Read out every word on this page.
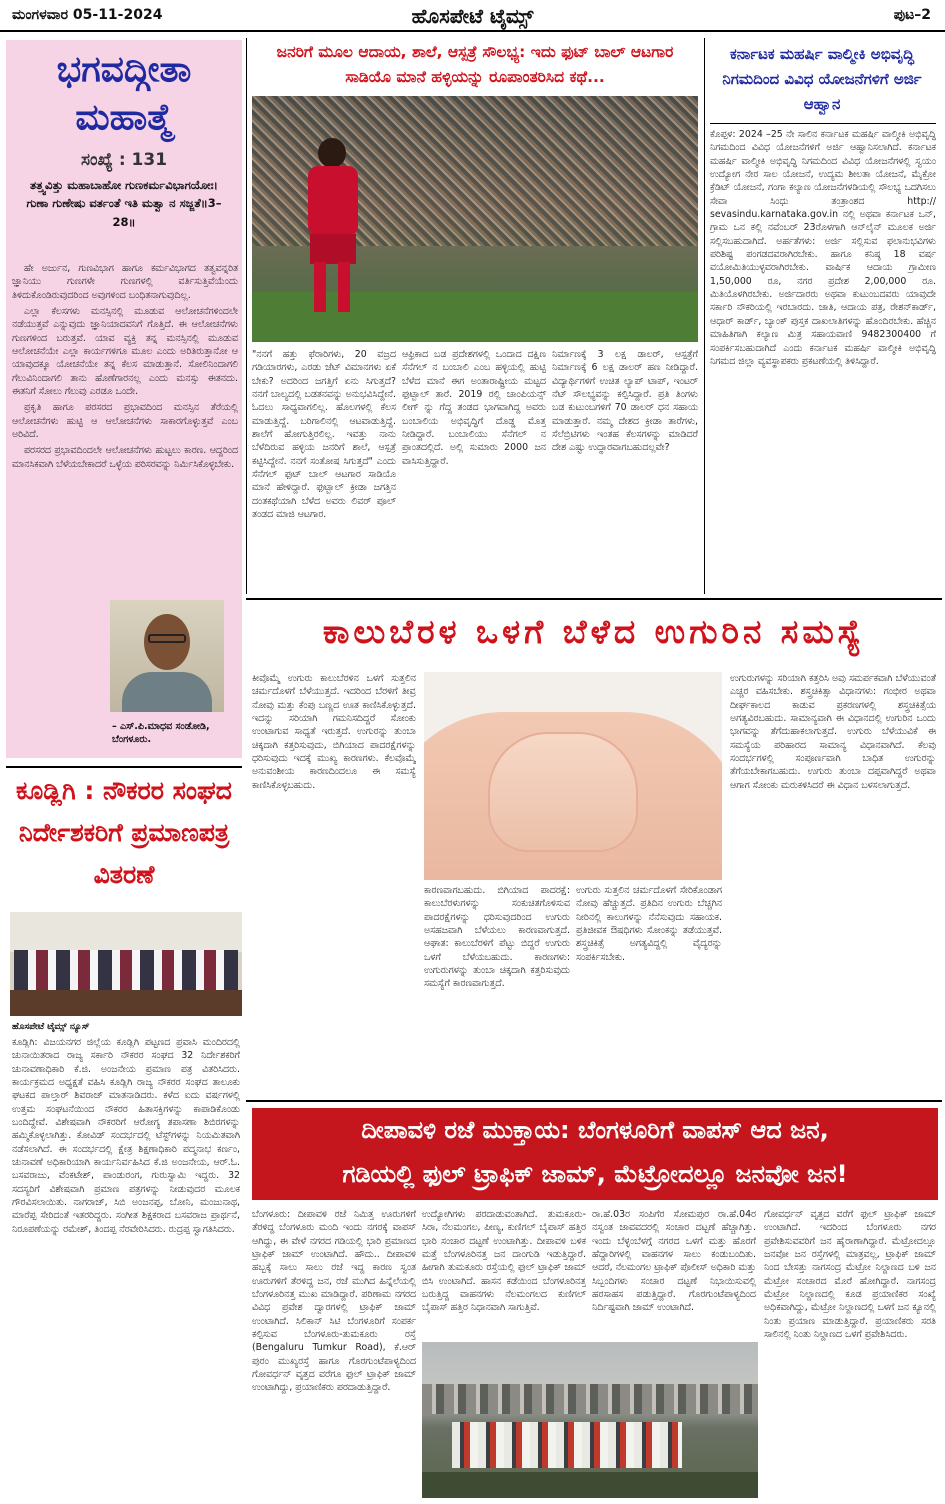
ಮಂಗಳವಾರ 05-11-2024	ಹೊಸಪೇಟೆ ಟೈಮ್ಸ್	ಪುಟ–2
ಭಗವದ್ಗೀತಾ ಮಹಾತ್ಮೆ
ಸಂಖ್ಯೆ : 131
ತತ್ತ್ವವಿತ್ತು ಮಹಾಬಾಹೋ ಗುಣಕರ್ಮವಿಭಾಗಯೋಃ। ಗುಣಾ ಗುಣೇಷು ವರ್ತಂತೆ ಇತಿ ಮತ್ವಾ ನ ಸಜ್ಜತೆ॥3–28॥

ಹೇ ಅರ್ಜುನ, ಗುಣವಿಭಾಗ ಹಾಗೂ ಕರ್ಮವಿಭಾಗದ ತತ್ವವನ್ನರಿತ ಜ್ಞಾನಿಯು ಗುಣಗಳೇ ಗುಣಗಳಲ್ಲಿ ವರ್ತಿಸುತ್ತಿವೆಯೆಂದು ತಿಳಿದುಕೊಂಡಿರುವುದರಿಂದ ಅವುಗಳಿಂದ ಬಂಧಿತನಾಗುವುದಿಲ್ಲ.

ಎಲ್ಲಾ ಕೆಲಸಗಳು ಮನಸ್ಸಿನಲ್ಲಿ ಮೂಡುವ ಆಲೋಚನೆಗಳಿಂದಲೇ ನಡೆಯುತ್ತವೆ ಎನ್ನುವುದು ಜ್ಞಾನಿಯಾದವನಿಗೆ ಗೊತ್ತಿದೆ. ಈ ಆಲೋಚನೆಗಳು ಗುಣಗಳಿಂದ ಬರುತ್ತವೆ. ಯಾವ ವ್ಯಕ್ತಿ ತನ್ನ ಮನಸ್ಸಿನಲ್ಲಿ ಮೂಡುವ ಆಲೋಚನೆಯೇ ಎಲ್ಲಾ ಕಾರ್ಯಗಳಿಗೂ ಮೂಲ ಎಂದು ಅರಿತಿರುತ್ತಾನೋ ಆ ಯಾವುದಕ್ಕೂ ಯೋಚನೆಯೇ ತನ್ನ ಕೆಲಸ ಮಾಡುತ್ತಾನೆ. ಸೋಲಿನಿಂದಾಗಲಿ ಗೆಲುವಿನಿಂದಾಗಲಿ ತಾನು ಹೊಣೆಗಾರನಲ್ಲ ಎಂದು ಮನಸ್ಸು ಈತನದು. ಈತನಿಗೆ ಸೋಲು ಗೆಲುವು ಎರಡೂ ಒಂದೇ.

ಪ್ರಕೃತಿ ಹಾಗೂ ಪರಸರದ ಪ್ರಭಾವದಿಂದ ಮನಸ್ಸಿನ ತೆರೆಯಲ್ಲಿ ಆಲೋಚನೆಗಳು ಹುಟ್ಟಿ ಆ ಆಲೋಚನೆಗಳು ಸಾಕಾರಗೊಳ್ಳುತ್ತವೆ ಎಂಬ ಅರಿವಿದೆ.

ಪರಸರದ ಪ್ರಭಾವದಿಂದಲೇ ಆಲೋಚನೆಗಳು ಹುಟ್ಟಲು ಕಾರಣ. ಆದ್ದರಿಂದ ಮಾನಸಿಕವಾಗಿ ಬೆಳೆಯಬೇಕಾದರೆ ಒಳ್ಳೆಯ ಪರಿಸರವನ್ನು ನಿರ್ಮಿಸಿಕೊಳ್ಳಬೇಕು.

– ಎಸ್.ಪಿ.ಮಾಧವ ಸಂಡೋಡಿ, ಬೆಂಗಳೂರು.
ಕೂಡ್ಲಿಗಿ : ನೌಕರರ ಸಂಘದ ನಿರ್ದೇಶಕರಿಗೆ ಪ್ರಮಾಣಪತ್ರ ವಿತರಣೆ
ಹೊಸಪೇಟೆ ಟೈಮ್ಸ್ ನ್ಯೂಸ್
ಕೂಡ್ಲಿಗಿ: ವಿಜಯನಗರ ಜಿಲ್ಲೆಯ ಕೂಡ್ಲಿಗಿ ಪಟ್ಟಣದ ಪ್ರವಾಸಿ ಮಂದಿರದಲ್ಲಿ ಚುನಾಯಿತರಾದ ರಾಜ್ಯ ಸರ್ಕಾರಿ ನೌಕರರ ಸಂಘದ 32 ನಿರ್ದೇಶಕರಿಗೆ ಚುನಾವಣಾಧಿಕಾರಿ ಕೆ.ಜಿ. ಅಂಜನೇಯ ಪ್ರಮಾಣ ಪತ್ರ ವಿತರಿಸಿದರು. ಕಾರ್ಯಕ್ರಮದ ಅಧ್ಯಕ್ಷತೆ ವಹಿಸಿ ಕೂಡ್ಲಿಗಿ ರಾಜ್ಯ ನೌಕರರ ಸಂಘದ ತಾಲೂಕು ಘಟಕದ ಪಾಲ್ತಾರ್ ಶಿವರಾಜ್ ಮಾತನಾಡಿದರು. ಕಳೆದ ಐದು ವರ್ಷಗಳಲ್ಲಿ ಉತ್ತಮ ಸಂಘಟನೆಯಿಂದ ನೌಕರರ ಹಿತಾಸಕ್ತಿಗಳನ್ನು ಕಾಪಾಡಿಕೊಂಡು ಬಂದಿದ್ದೇವೆ. ವಿಶೇಷವಾಗಿ ನೌಕರರಿಗೆ ಆರೋಗ್ಯ ತಪಾಸಣಾ ಶಿಬಿರಗಳನ್ನು ಹಮ್ಮಿಕೊಳ್ಳಲಾಗಿತ್ತು. ಕೋವಿಡ್ ಸಂದರ್ಭದಲ್ಲಿ ಟೆಸ್ಟ್‌ಗಳನ್ನು ನಿಯಮಿತವಾಗಿ ನಡೆಸಲಾಗಿದೆ. ಈ ಸಂದರ್ಭದಲ್ಲಿ ಕ್ಷೇತ್ರ ಶಿಕ್ಷಣಾಧಿಕಾರಿ ಪದ್ಮನಾಭ ಕರ್ಣಂ, ಚುನಾವಣೆ ಅಧಿಕಾರಿಯಾಗಿ ಕಾರ್ಯನಿರ್ವಹಿಸಿದ ಕೆ.ಜಿ ಅಂಜನೇಯ, ಆರ್.ಓ. ಬಸವರಾಜು, ವೆಂಕಟೇಶ್, ಪಾಂಡುರಂಗ, ಗುರುಸ್ವಾಮಿ ಇದ್ದರು. 32 ಸದಸ್ಯರಿಗೆ ವಿಶೇಷವಾಗಿ ಪ್ರಮಾಣ ಪತ್ರಗಳನ್ನು ನೀಡುವುದರ ಮೂಲಕ ಗೌರವಿಸಲಾಯಿತು. ನಾಗರಾಜ್, ಸಿಬಿ ಅಂಜನಪ್ಪ, ಬೋನಿ, ಮಂಜುನಾಥ, ಮಾರೆಪ್ಪ ಸೇರಿದಂತೆ ಇತರರಿದ್ದರು. ಸಂಗೀತ ಶಿಕ್ಷಕರಾದ ಬಸವರಾಜ ಪ್ರಾರ್ಥನೆ, ನಿರೂಪಣೆಯನ್ನು ರಮೇಶ್, ತಿಂದಪ್ಪ ನೆರವೇರಿಸಿದರು. ರುದ್ರಪ್ಪ ಸ್ವಾಗತಿಸಿದರು.
ಜನರಿಗೆ ಮೂಲ ಆದಾಯ, ಶಾಲೆ, ಆಸ್ಪತ್ರೆ ಸೌಲಭ್ಯ: ಇದು ಫುಟ್ ಬಾಲ್ ಆಟಗಾರ ಸಾಡಿಯೊ ಮಾನೆ ಹಳ್ಳಿಯನ್ನು ರೂಪಾಂತರಿಸಿದ ಕಥೆ...
"ನನಗೆ ಹತ್ತು ಫೆರಾರಿಗಳು, 20 ವಜ್ರದ ಗಡಿಯಾರಗಳು, ಎರಡು ಜೆಟ್ ವಿಮಾನಗಳು ಏಕೆ ಬೇಕು? ಅದರಿಂದ ಜಗತ್ತಿಗೆ ಏನು ಸಿಗುತ್ತದೆ? ನನಗೆ ಬಾಲ್ಯದಲ್ಲಿ ಬಡತನವನ್ನು ಅನುಭವಿಸಿದ್ದೇನೆ. ಓದಲು ಸಾಧ್ಯವಾಗಲಿಲ್ಲ. ಹೊಲಗಳಲ್ಲಿ ಕೆಲಸ ಮಾಡುತ್ತಿದ್ದೆ. ಬರಿಗಾಲಿನಲ್ಲಿ ಆಟವಾಡುತ್ತಿದ್ದೆ. ಶಾಲೆಗೆ ಹೋಗುತ್ತಿರಲಿಲ್ಲ. ಇವತ್ತು ನಾನು ಬೆಳೆದಿರುವ ಹಳ್ಳಿಯ ಜನರಿಗೆ ಶಾಲೆ, ಆಸ್ಪತ್ರೆ ಕಟ್ಟಿಸಿದ್ದೇನೆ. ನನಗೆ ಸಂತೋಷ ಸಿಗುತ್ತದೆ" ಎಂದು ಸೆನೆಗಲ್ ಫುಟ್ ಬಾಲ್ ಆಟಗಾರ ಸಾಡಿಯೊ ಮಾನೆ ಹೇಳಿದ್ದಾರೆ. ಫುಟ್ಬಾಲ್ ಕ್ರೀಡಾ ಜಗತ್ತಿನ ದಂತಕಥೆಯಾಗಿ ಬೆಳೆದ ಅವರು ಲಿವರ್ ಪೂಲ್ ತಂಡದ ಮಾಜಿ ಆಟಗಾರ.
ಆಫ್ರಿಕಾದ ಬಡ ಪ್ರದೇಶಗಳಲ್ಲಿ ಒಂದಾದ ದಕ್ಷಿಣ ಸೆನೆಗಲ್ ನ ಬಂಬಾಲಿ ಎಂಬ ಹಳ್ಳಿಯಲ್ಲಿ ಹುಟ್ಟಿ ಬೆಳೆದ ಮಾನೆ ಈಗ ಅಂತಾರಾಷ್ಟ್ರೀಯ ಮಟ್ಟದ ಫುಟ್ಬಾಲ್ ತಾರೆ. 2019 ರಲ್ಲಿ ಚಾಂಪಿಯನ್ಸ್ ಲೀಗ್ ನ್ನು ಗೆದ್ದ ತಂಡದ ಭಾಗವಾಗಿದ್ದ ಅವರು ಬಂಬಾಲಿಯ ಅಭಿವೃದ್ಧಿಗೆ ದೊಡ್ಡ ಮೊತ್ತ ನೀಡಿದ್ದಾರೆ. ಬಂಬಾಲಿಯು ಸೆನೆಗಲ್ ನ ಪ್ರಾಂತದಲ್ಲಿದೆ. ಅಲ್ಲಿ ಸುಮಾರು 2000 ಜನ ವಾಸಿಸುತ್ತಿದ್ದಾರೆ.
ನಿರ್ಮಾಣಕ್ಕೆ 3 ಲಕ್ಷ ಡಾಲರ್, ಆಸ್ಪತ್ರೆಗೆ ನಿರ್ಮಾಣಕ್ಕೆ 6 ಲಕ್ಷ ಡಾಲರ್ ಹಣ ನೀಡಿದ್ದಾರೆ. ವಿದ್ಯಾರ್ಥಿಗಳಿಗೆ ಉಚಿತ ಲ್ಯಾಪ್ ಟಾಪ್, ಇಂಟರ್ ನೆಟ್ ಸೌಲಭ್ಯವನ್ನು ಕಲ್ಪಿಸಿದ್ದಾರೆ. ಪ್ರತಿ ತಿಂಗಳು ಬಡ ಕುಟುಂಬಗಳಿಗೆ 70 ಡಾಲರ್ ಧನ ಸಹಾಯ ಮಾಡುತ್ತಾರೆ. ನಮ್ಮ ದೇಶದ ಕ್ರೀಡಾ ತಾರೆಗಳು, ಸೆಲೆಬ್ರಿಟಿಗಳು ಇಂತಹ ಕೆಲಸಗಳನ್ನು ಮಾಡಿದರೆ ದೇಶ ಎಷ್ಟು ಉದ್ಧಾರವಾಗಬಹುದಲ್ಲವೇ?
ಕರ್ನಾಟಕ ಮಹರ್ಷಿ ವಾಲ್ಮೀಕಿ ಅಭಿವೃದ್ಧಿ ನಿಗಮದಿಂದ ವಿವಿಧ ಯೋಜನೆಗಳಿಗೆ ಅರ್ಜಿ ಆಹ್ವಾನ
ಕೊಪ್ಪಳ: 2024 –25 ನೇ ಸಾಲಿನ ಕರ್ನಾಟಕ ಮಹರ್ಷಿ ವಾಲ್ಮೀಕಿ ಅಭಿವೃದ್ಧಿ ನಿಗಮದಿಂದ ವಿವಿಧ ಯೋಜನೆಗಳಿಗೆ ಅರ್ಜಿ ಆಹ್ವಾನಿಸಲಾಗಿದೆ. ಕರ್ನಾಟಕ ಮಹರ್ಷಿ ವಾಲ್ಮೀಕಿ ಅಭಿವೃದ್ಧಿ ನಿಗಮದಿಂದ ವಿವಿಧ ಯೋಜನೆಗಳಲ್ಲಿ ಸ್ವಯಂ ಉದ್ಯೋಗ ನೇರ ಸಾಲ ಯೋಜನೆ, ಉದ್ಯಮ ಶೀಲತಾ ಯೋಜನೆ, ಮೈಕ್ರೋ ಕ್ರೆಡಿಟ್ ಯೋಜನೆ, ಗಂಗಾ ಕಲ್ಯಾಣ ಯೋಜನೆಗಳಡಿಯಲ್ಲಿ ಸೌಲಭ್ಯ ಒದಗಿಸಲು ಸೇವಾ ಸಿಂಧು ತಂತ್ರಾಂಶದ http:// sevasindu.karnataka.gov.in ನಲ್ಲಿ ಅಥವಾ ಕರ್ನಾಟಕ ಒನ್, ಗ್ರಾಮ ಒನ ಕಲ್ಲಿ ನವೆಂಬರ್ 23ರೊಳಗಾಗಿ ಆನ್‌ಲೈನ್ ಮೂಲಕ ಅರ್ಜಿ ಸಲ್ಲಿಸಬಹುದಾಗಿದೆ. ಅರ್ಹತೆಗಳು: ಅರ್ಜಿ ಸಲ್ಲಿಸುವ ಫಲಾನುಭವಿಗಳು ಪರಿಶಿಷ್ಟ ಪಂಗಡದವರಾಗಿರಬೇಕು. ಹಾಗೂ ಕನಿಷ್ಠ 18 ವರ್ಷ ವಯೋಮಿತಿಯುಳ್ಳವರಾಗಿರಬೇಕು. ವಾರ್ಷಿಕ ಆದಾಯ ಗ್ರಾಮೀಣ 1,50,000 ರೂ, ನಗರ ಪ್ರದೇಶ 2,00,000 ರೂ. ಮಿತಿಯೊಳಗಿರಬೇಕು. ಅರ್ಜಿದಾರರು ಅಥವಾ ಕುಟುಂಬದವರು ಯಾವುದೇ ಸರ್ಕಾರಿ ನೌಕರಿಯಲ್ಲಿ ಇರಬಾರದು. ಜಾತಿ, ಆದಾಯ ಪತ್ರ, ರೇಶನ್‌ಕಾರ್ಡ್, ಆಧಾರ್ ಕಾರ್ಡ್, ಬ್ಯಾಂಕ್ ಪುಸ್ತಕ ದಾಖಲಾತಿಗಳನ್ನು ಹೊಂದಿರಬೇಕು. ಹೆಚ್ಚಿನ ಮಾಹಿತಿಗಾಗಿ ಕಲ್ಯಾಣ ಮಿತ್ರ ಸಹಾಯವಾಣಿ 9482300400 ಗೆ ಸಂಪರ್ಕಿಸಬಹುದಾಗಿದೆ ಎಂದು ಕರ್ನಾಟಕ ಮಹರ್ಷಿ ವಾಲ್ಮೀಕಿ ಅಭಿವೃದ್ಧಿ ನಿಗಮದ ಜಿಲ್ಲಾ ವ್ಯವಸ್ಥಾಪಕರು ಪ್ರಕಟಣೆಯಲ್ಲಿ ತಿಳಿಸಿದ್ದಾರೆ.
ಕಾಲುಬೆರಳ ಒಳಗೆ ಬೆಳೆದ ಉಗುರಿನ ಸಮಸ್ಯೆ
ಕೀವೊಮ್ಮೆ ಉಗುರು ಕಾಲುಬೆರಳಿನ ಒಳಗೆ ಸುತ್ತಲಿನ ಚರ್ಮದೊಳಗೆ ಬೆಳೆಯುತ್ತದೆ. ಇದರಿಂದ ಬೆರಳಿಗೆ ತೀವ್ರ ನೋವು ಮತ್ತು ಕೆಂಪು ಬಣ್ಣದ ಊತ ಕಾಣಿಸಿಕೊಳ್ಳುತ್ತದೆ. ಇದನ್ನು ಸರಿಯಾಗಿ ಗಮನಿಸದಿದ್ದರೆ ಸೋಂಕು ಉಂಟಾಗುವ ಸಾಧ್ಯತೆ ಇರುತ್ತದೆ. ಉಗುರನ್ನು ತುಂಬಾ ಚಿಕ್ಕದಾಗಿ ಕತ್ತರಿಸುವುದು, ಬಿಗಿಯಾದ ಪಾದರಕ್ಷೆಗಳನ್ನು ಧರಿಸುವುದು ಇದಕ್ಕೆ ಮುಖ್ಯ ಕಾರಣಗಳು. ಕೆಲವೊಮ್ಮೆ ಅನುವಂಶೀಯ ಕಾರಣದಿಂದಲೂ ಈ ಸಮಸ್ಯೆ ಕಾಣಿಸಿಕೊಳ್ಳಬಹುದು.
ಕಾರಣವಾಗಬಹುದು. ಬಿಗಿಯಾದ ಪಾದರಕ್ಷೆ: ಕಾಲುಬೆರಳುಗಳನ್ನು ಸಂಕುಚಿತಗೊಳಿಸುವ ಪಾದರಕ್ಷೆಗಳನ್ನು ಧರಿಸುವುದರಿಂದ ಉಗುರು ಅಸಹಜವಾಗಿ ಬೆಳೆಯಲು ಕಾರಣವಾಗುತ್ತದೆ. ಆಘಾತ: ಕಾಲುಬೆರಳಿಗೆ ಪೆಟ್ಟು ಬಿದ್ದರೆ ಉಗುರು ಒಳಗೆ ಬೆಳೆಯಬಹುದು. ಕಾರಣಗಳು: ಉಗುರುಗಳನ್ನು ತುಂಬಾ ಚಿಕ್ಕದಾಗಿ ಕತ್ತರಿಸುವುದು ಸಮಸ್ಯೆಗೆ ಕಾರಣವಾಗುತ್ತದೆ.
ಉಗುರು ಸುತ್ತಲಿನ ಚರ್ಮದೊಳಗೆ ಸೇರಿಕೊಂಡಾಗ ನೋವು ಹೆಚ್ಚುತ್ತದೆ. ಪ್ರತಿದಿನ ಉಗುರು ಬೆಚ್ಚಗಿನ ನೀರಿನಲ್ಲಿ ಕಾಲುಗಳನ್ನು ನೆನೆಸುವುದು ಸಹಾಯಕ. ಪ್ರತಿಜೀವಕ ಔಷಧಿಗಳು ಸೋಂಕನ್ನು ತಡೆಯುತ್ತವೆ. ಶಸ್ತ್ರಚಿಕಿತ್ಸೆ ಅಗತ್ಯವಿದ್ದಲ್ಲಿ ವೈದ್ಯರನ್ನು ಸಂಪರ್ಕಿಸಬೇಕು.
ಉಗುರುಗಳನ್ನು ಸರಿಯಾಗಿ ಕತ್ತರಿಸಿ ಅವು ಸಮರ್ಪಕವಾಗಿ ಬೆಳೆಯುವಂತೆ ಎಚ್ಚರ ವಹಿಸಬೇಕು. ಶಸ್ತ್ರಚಿಕಿತ್ಸಾ ವಿಧಾನಗಳು: ಗಂಭೀರ ಅಥವಾ ದೀರ್ಘಕಾಲದ ಕಾಡುವ ಪ್ರಕರಣಗಳಲ್ಲಿ ಶಸ್ತ್ರಚಿಕಿತ್ಸೆಯ ಅಗತ್ಯವಿರಬಹುದು. ಸಾಮಾನ್ಯವಾಗಿ ಈ ವಿಧಾನದಲ್ಲಿ ಉಗುರಿನ ಒಂದು ಭಾಗವನ್ನು ತೆಗೆದುಹಾಕಲಾಗುತ್ತದೆ. ಉಗುರು ಬೆಳೆಯುವಿಕೆ ಈ ಸಮಸ್ಯೆಯ ಪರಿಹಾರದ ಸಾಮಾನ್ಯ ವಿಧಾನವಾಗಿದೆ. ಕೆಲವು ಸಂದರ್ಭಗಳಲ್ಲಿ ಸಂಪೂರ್ಣವಾಗಿ ಬಾಧಿತ ಉಗುರನ್ನು ತೆಗೆಯಬೇಕಾಗಬಹುದು. ಉಗುರು ತುಂಬಾ ದಪ್ಪವಾಗಿದ್ದರೆ ಅಥವಾ ಆಗಾಗ ಸೋಂಕು ಮರುಕಳಿಸಿದರೆ ಈ ವಿಧಾನ ಬಳಸಲಾಗುತ್ತದೆ.
ದೀಪಾವಳಿ ರಜೆ ಮುಕ್ತಾಯ: ಬೆಂಗಳೂರಿಗೆ ವಾಪಸ್ ಆದ ಜನ,
ಗಡಿಯಲ್ಲಿ ಫುಲ್ ಟ್ರಾಫಿಕ್ ಜಾಮ್, ಮೆಟ್ರೋದಲ್ಲೂ ಜನವೋ ಜನ!
ಬೆಂಗಳೂರು: ದೀಪಾವಳಿ ರಜೆ ನಿಮಿತ್ತ ಊರುಗಳಿಗೆ ತೆರಳಿದ್ದ ಬೆಂಗಳೂರು ಮಂದಿ ಇಂದು ನಗರಕ್ಕೆ ವಾಪಸ್ ಆಗಿದ್ದು, ಈ ವೇಳೆ ನಗರದ ಗಡಿಯಲ್ಲಿ ಭಾರಿ ಪ್ರಮಾಣದ ಟ್ರಾಫಿಕ್ ಜಾಮ್ ಉಂಟಾಗಿದೆ. ಹೌದು.. ದೀಪಾವಳಿ ಹಬ್ಬಕ್ಕೆ ಸಾಲು ಸಾಲು ರಜೆ ಇದ್ದ ಕಾರಣ ಸ್ವಂತ ಊರುಗಳಿಗೆ ತೆರಳಿದ್ದ ಜನ, ರಜೆ ಮುಗಿದ ಹಿನ್ನೆಲೆಯಲ್ಲಿ ಬೆಂಗಳೂರಿನತ್ತ ಮುಖ ಮಾಡಿದ್ದಾರೆ. ಪರಿಣಾಮ ನಗರದ ವಿವಿಧ ಪ್ರವೇಶ ದ್ವಾರಗಳಲ್ಲಿ ಟ್ರಾಫಿಕ್ ಜಾಮ್ ಉಂಟಾಗಿದೆ. ಸಿಲಿಕಾನ್ ಸಿಟಿ ಬೆಂಗಳೂರಿಗೆ ಸಂಪರ್ಕ ಕಲ್ಪಿಸುವ ಬೆಂಗಳೂರು-ತುಮಕೂರು ರಸ್ತೆ (Bengaluru Tumkur Road), ಕೆ.ಆರ್ ಪುರಂ ಮುಖ್ಯರಸ್ತೆ ಹಾಗೂ ಗೊರಗುಂಟೆಪಾಳ್ಯದಿಂದ ಗೋವರ್ಧನ್ ವೃತ್ತದ ವರೆಗೂ ಫುಲ್ ಟ್ರಾಫಿಕ್ ಜಾಮ್ ಉಂಟಾಗಿದ್ದು, ಪ್ರಯಾಣಿಕರು ಪರದಾಡುತ್ತಿದ್ದಾರೆ.
ಉದ್ಯೋಗಿಗಳು ಪರದಾಡುವಂತಾಗಿದೆ. ತುಮಕೂರು-ಸಿರಾ, ನೆಲಮಂಗಲ, ಪೀಣ್ಯ, ಕುಣಿಗಲ್ ಬೈಪಾಸ್ ಹತ್ತಿರ ಭಾರಿ ಸಂಚಾರ ದಟ್ಟಣೆ ಉಂಟಾಗಿತ್ತು. ದೀಪಾವಳಿ ಬಳಿಕ ಮತ್ತೆ ಬೆಂಗಳೂರಿನತ್ತ ಜನ ದಾಂಗುಡಿ ಇಡುತ್ತಿದ್ದಾರೆ. ಹೀಗಾಗಿ ತುಮಕೂರು ರಸ್ತೆಯಲ್ಲಿ ಫುಲ್ ಟ್ರಾಫಿಕ್ ಜಾಮ್ ಬಿಸಿ ಉಂಟಾಗಿದೆ. ಹಾಸನ ಕಡೆಯಿಂದ ಬೆಂಗಳೂರಿನತ್ತ ಬರುತ್ತಿದ್ದ ವಾಹನಗಳು ನೆಲಮಂಗಲದ ಕುಣಿಗಲ್ ಬೈಪಾಸ್ ಹತ್ತಿರ ನಿಧಾನವಾಗಿ ಸಾಗುತ್ತಿವೆ.
ರಾ.ಹೆ.03ರ ಸಂಪಿಗೆರ ಸೋಮಪುರ ರಾ.ಹೆ.04ರ ನಸ್ವಂತ ಜಾವವದರಲ್ಲಿ ಸಂಚಾರ ದಟ್ಟಣೆ ಹೆಚ್ಚಾಗಿತ್ತು. ಇಂದು ಬೆಳ್ಳಂಬೆಳಗ್ಗೆ ನಗರದ ಒಳಗೆ ಮತ್ತು ಹೊರಗೆ ಹೆದ್ದಾರಿಗಳಲ್ಲಿ ವಾಹನಗಳ ಸಾಲು ಕಂಡುಬಂದಿತು. ಆದರೆ, ನೆಲಮಂಗಲ ಟ್ರಾಫಿಕ್ ಪೊಲೀಸ್ ಅಧಿಕಾರಿ ಮತ್ತು ಸಿಬ್ಬಂದಿಗಳು ಸಂಚಾರ ದಟ್ಟಣೆ ನಿಭಾಯಿಸುವಲ್ಲಿ ಹರಸಾಹಸ ಪಡುತ್ತಿದ್ದಾರೆ. ಗೊರಗುಂಟೆಪಾಳ್ಯದಿಂದ ನಿರ್ದಿಷ್ಟವಾಗಿ ಜಾಮ್ ಉಂಟಾಗಿದೆ.
ಗೋವರ್ಧನ್ ವೃತ್ತದ ವರೆಗೆ ಫುಲ್ ಟ್ರಾಫಿಕ್ ಜಾಮ್ ಉಂಟಾಗಿದೆ. ಇದರಿಂದ ಬೆಂಗಳೂರು ನಗರ ಪ್ರವೇಶಿಸುವವರಿಗೆ ಜನ ಹೈರಾಣಾಗಿದ್ದಾರೆ. ಮೆಟ್ರೋದಲ್ಲೂ ಜನವೋ ಜನ ರಸ್ತೆಗಳಲ್ಲಿ ಮಾತ್ರವಲ್ಲ, ಟ್ರಾಫಿಕ್ ಜಾಮ್ ನಿಂದ ಬೇಸತ್ತು ನಾಗಸಂದ್ರ ಮೆಟ್ರೋ ನಿಲ್ದಾಣದ ಬಳಿ ಜನ ಮೆಟ್ರೋ ಸಂಚಾರದ ಮೊರೆ ಹೋಗಿದ್ದಾರೆ. ನಾಗಸಂದ್ರ ಮೆಟ್ರೋ ನಿಲ್ದಾಣದಲ್ಲಿ ಕೂಡ ಪ್ರಯಾಣಿಕರ ಸಂಖ್ಯೆ ಅಧಿಕವಾಗಿದ್ದು, ಮೆಟ್ರೋ ನಿಲ್ದಾಣದಲ್ಲಿ ಒಳಗೆ ಜನ ಕ್ಯೂನಲ್ಲಿ ನಿಂತು ಪ್ರಯಾಣ ಮಾಡುತ್ತಿದ್ದಾರೆ. ಪ್ರಯಾಣಿಕರು ಸರತಿ ಸಾಲಿನಲ್ಲಿ ನಿಂತು ನಿಲ್ದಾಣದ ಒಳಗೆ ಪ್ರವೇಶಿಸಿದರು.
